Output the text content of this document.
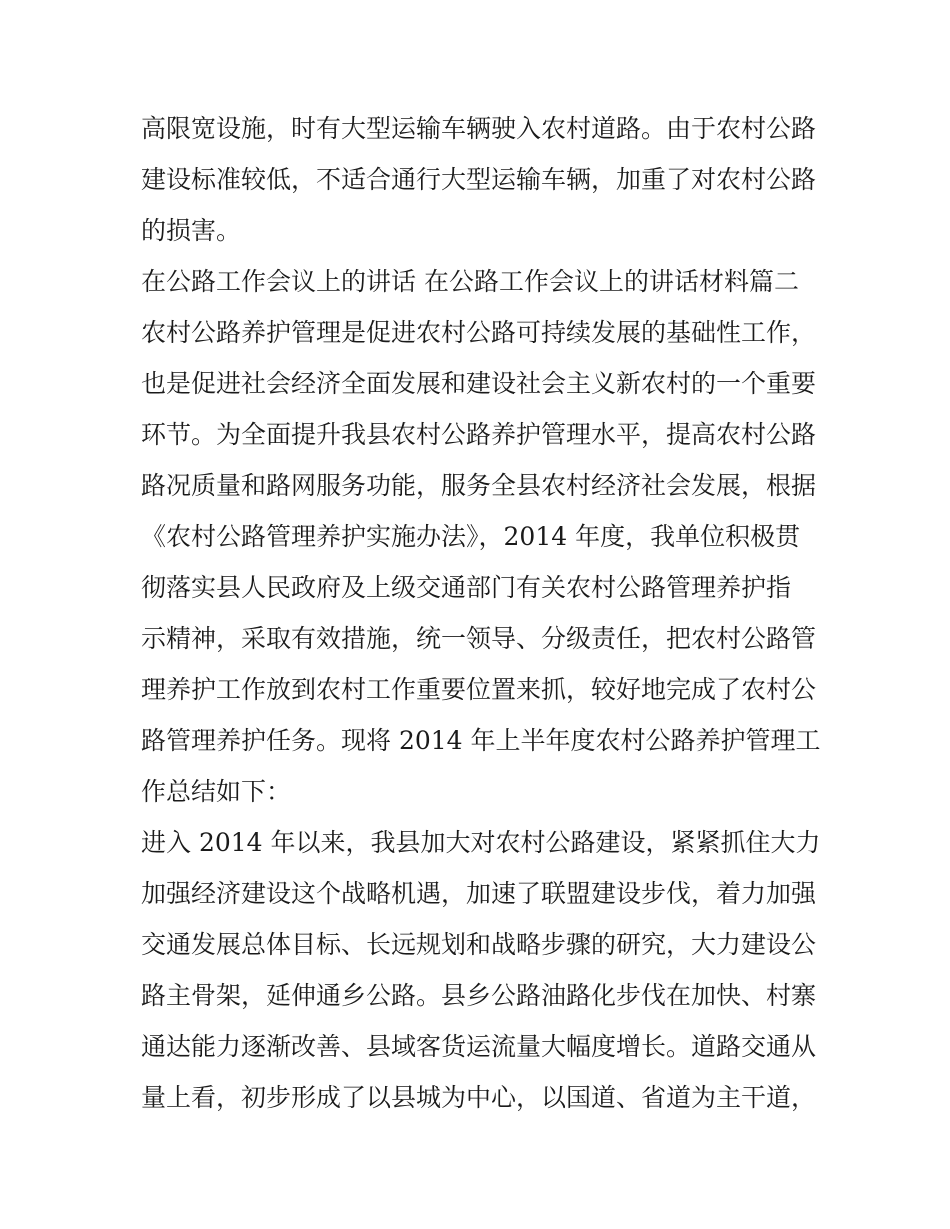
高限宽设施，时有大型运输车辆驶入农村道路。由于农村公路
建设标准较低，不适合通行大型运输车辆，加重了对农村公路
的损害。
在公路工作会议上的讲话 在公路工作会议上的讲话材料篇二
农村公路养护管理是促进农村公路可持续发展的基础性工作，
也是促进社会经济全面发展和建设社会主义新农村的一个重要
环节。为全面提升我县农村公路养护管理水平，提高农村公路
路况质量和路网服务功能，服务全县农村经济社会发展，根据
《农村公路管理养护实施办法》，2014 年度，我单位积极贯
彻落实县人民政府及上级交通部门有关农村公路管理养护指
示精神，采取有效措施，统一领导、分级责任，把农村公路管
理养护工作放到农村工作重要位置来抓，较好地完成了农村公
路管理养护任务。现将 2014 年上半年度农村公路养护管理工
作总结如下：
进入 2014 年以来，我县加大对农村公路建设，紧紧抓住大力
加强经济建设这个战略机遇，加速了联盟建设步伐，着力加强
交通发展总体目标、长远规划和战略步骤的研究，大力建设公
路主骨架，延伸通乡公路。县乡公路油路化步伐在加快、村寨
通达能力逐渐改善、县域客货运流量大幅度增长。道路交通从
量上看，初步形成了以县城为中心，以国道、省道为主干道，
